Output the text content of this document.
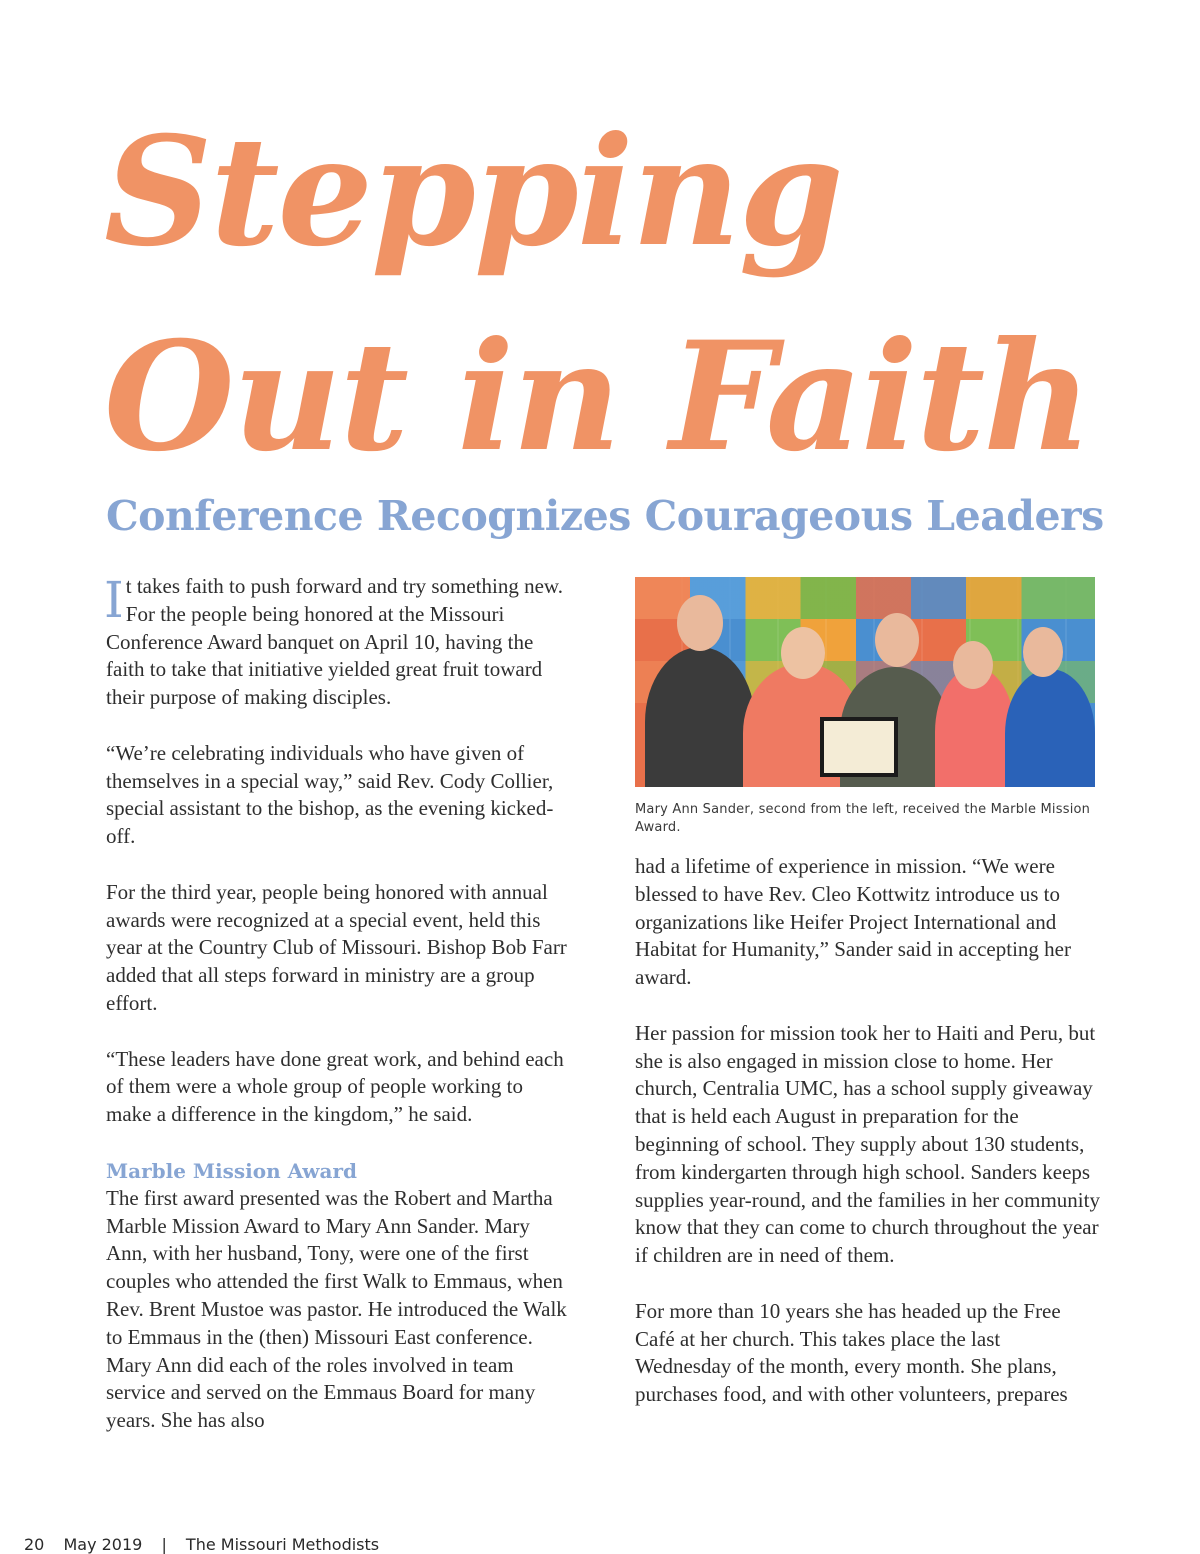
Stepping
Out in Faith
Conference Recognizes Courageous Leaders

It takes faith to push forward and try something new. For the people being honored at the Missouri Conference Award banquet on April 10, having the faith to take that initiative yielded great fruit toward their purpose of making disciples.

“We’re celebrating individuals who have given of themselves in a special way,” said Rev. Cody Collier, special assistant to the bishop, as the evening kicked-off.

For the third year, people being honored with annual awards were recognized at a special event, held this year at the Country Club of Missouri. Bishop Bob Farr added that all steps forward in ministry are a group effort.

“These leaders have done great work, and behind each of them were a whole group of people working to make a difference in the kingdom,” he said.

Marble Mission Award

The first award presented was the Robert and Martha Marble Mission Award to Mary Ann Sander. Mary Ann, with her husband, Tony, were one of the first couples who attended the first Walk to Emmaus, when Rev. Brent Mustoe was pastor. He introduced the Walk to Emmaus in the (then) Missouri East conference. Mary Ann did each of the roles involved in team service and served on the Emmaus Board for many years. She has also

Mary Ann Sander, second from the left, received the Marble Mission Award.

had a lifetime of experience in mission. “We were blessed to have Rev. Cleo Kottwitz introduce us to organizations like Heifer Project International and Habitat for Humanity,” Sander said in accepting her award.

Her passion for mission took her to Haiti and Peru, but she is also engaged in mission close to home. Her church, Centralia UMC, has a school supply giveaway that is held each August in preparation for the beginning of school. They supply about 130 students, from kindergarten through high school. Sanders keeps supplies year-round, and the families in her community know that they can come to church throughout the year if children are in need of them.

For more than 10 years she has headed up the Free Café at her church. This takes place the last Wednesday of the month, every month. She plans, purchases food, and with other volunteers, prepares

20 May 2019 | The Missouri Methodists
